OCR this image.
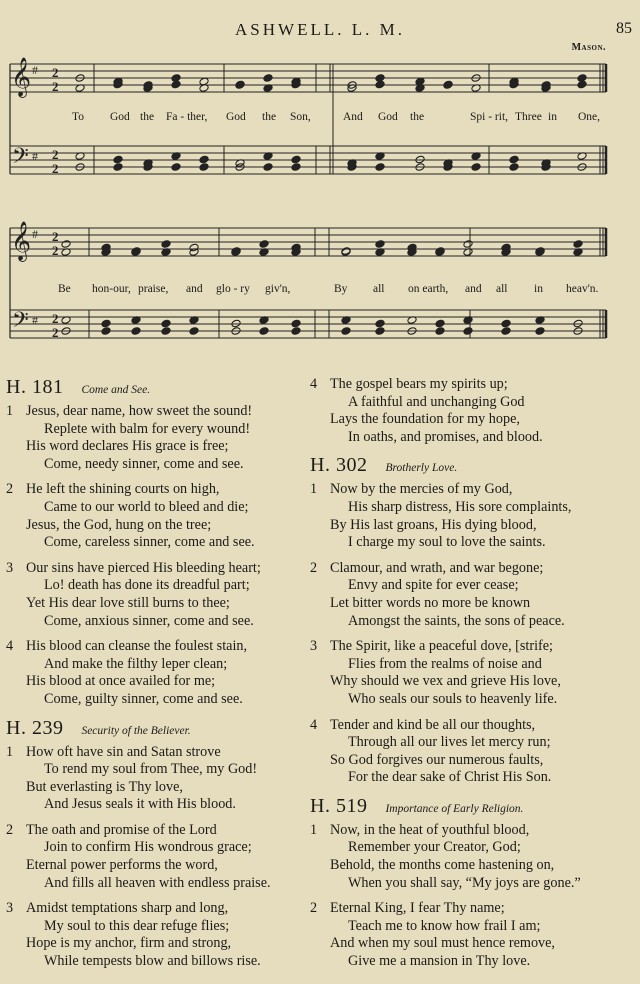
ASHWELL. L. M.	85
Mason.
𝄞
𝄢
#
#
2
2
2
2
𝄞
𝄢
#
#
2
2
2
2
To God the Fa - ther, God the Son,	And God the	Spi - rit, Three in One,
Be hon-our, praise, and glo - ry giv'n,	By all on earth, and all in heav'n.
H. 181 Come and See.
1 Jesus, dear name, how sweet the sound!
Replete with balm for every wound!
His word declares His grace is free;
Come, needy sinner, come and see.
2 He left the shining courts on high,
Came to our world to bleed and die;
Jesus, the God, hung on the tree;
Come, careless sinner, come and see.
3 Our sins have pierced His bleeding heart;
Lo! death has done its dreadful part;
Yet His dear love still burns to thee;
Come, anxious sinner, come and see.
4 His blood can cleanse the foulest stain,
And make the filthy leper clean;
His blood at once availed for me;
Come, guilty sinner, come and see.
H. 239 Security of the Believer.
1 How oft have sin and Satan strove
To rend my soul from Thee, my God!
But everlasting is Thy love,
And Jesus seals it with His blood.
2 The oath and promise of the Lord
Join to confirm His wondrous grace;
Eternal power performs the word,
And fills all heaven with endless praise.
3 Amidst temptations sharp and long,
My soul to this dear refuge flies;
Hope is my anchor, firm and strong,
While tempests blow and billows rise.
4 The gospel bears my spirits up;
A faithful and unchanging God
Lays the foundation for my hope,
In oaths, and promises, and blood.
H. 302 Brotherly Love.
1 Now by the mercies of my God,
His sharp distress, His sore complaints,
By His last groans, His dying blood,
I charge my soul to love the saints.
2 Clamour, and wrath, and war begone;
Envy and spite for ever cease;
Let bitter words no more be known
Amongst the saints, the sons of peace.
3 The Spirit, like a peaceful dove, [strife;
Flies from the realms of noise and
Why should we vex and grieve His love,
Who seals our souls to heavenly life.
4 Tender and kind be all our thoughts,
Through all our lives let mercy run;
So God forgives our numerous faults,
For the dear sake of Christ His Son.
H. 519 Importance of Early Religion.
1 Now, in the heat of youthful blood,
Remember your Creator, God;
Behold, the months come hastening on,
When you shall say, “My joys are gone.”
2 Eternal King, I fear Thy name;
Teach me to know how frail I am;
And when my soul must hence remove,
Give me a mansion in Thy love.
